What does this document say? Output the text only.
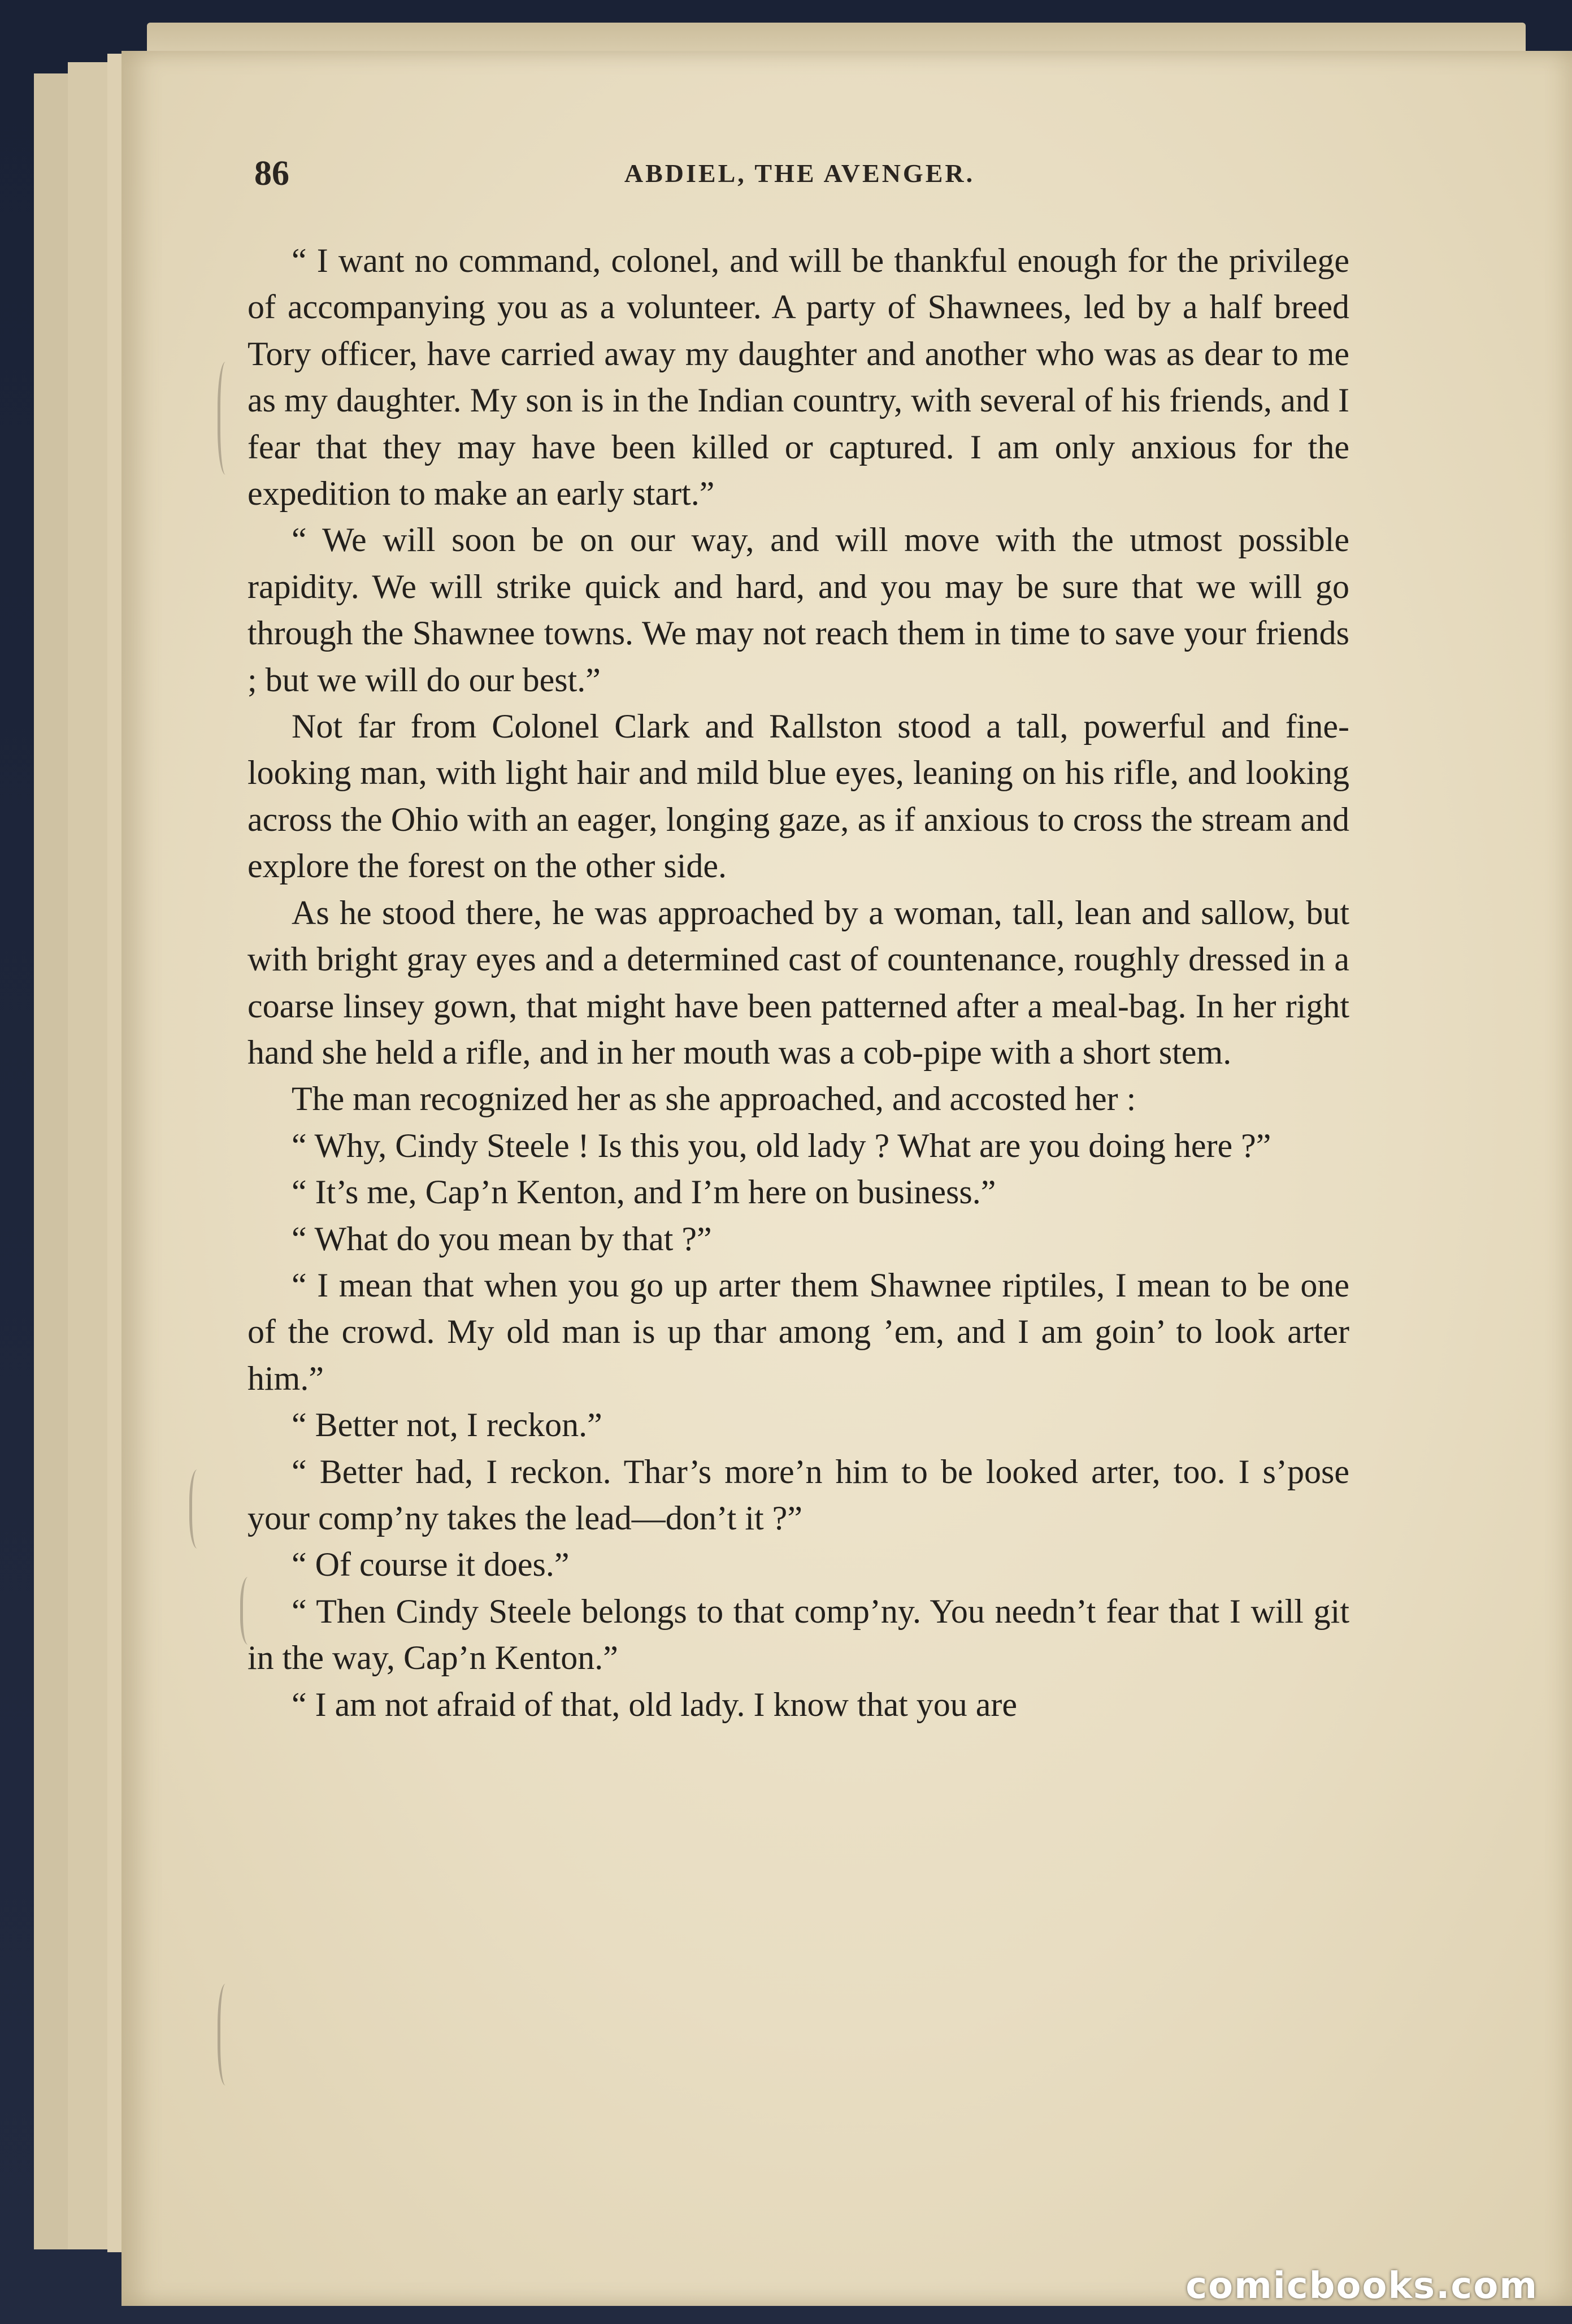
86	ABDIEL, THE AVENGER.

“ I want no command, colonel, and will be thankful enough for the privilege of accompanying you as a volunteer. A party of Shawnees, led by a half breed Tory officer, have carried away my daughter and another who was as dear to me as my daughter. My son is in the Indian country, with several of his friends, and I fear that they may have been killed or captured. I am only anxious for the expedition to make an early start.”

“ We will soon be on our way, and will move with the utmost possible rapidity. We will strike quick and hard, and you may be sure that we will go through the Shawnee towns. We may not reach them in time to save your friends ; but we will do our best.”

Not far from Colonel Clark and Rallston stood a tall, powerful and fine-looking man, with light hair and mild blue eyes, leaning on his rifle, and looking across the Ohio with an eager, longing gaze, as if anxious to cross the stream and explore the forest on the other side.

As he stood there, he was approached by a woman, tall, lean and sallow, but with bright gray eyes and a determined cast of countenance, roughly dressed in a coarse linsey gown, that might have been patterned after a meal-bag. In her right hand she held a rifle, and in her mouth was a cob-pipe with a short stem.

The man recognized her as she approached, and accosted her :

“ Why, Cindy Steele ! Is this you, old lady ? What are you doing here ?”

“ It’s me, Cap’n Kenton, and I’m here on business.”

“ What do you mean by that ?”

“ I mean that when you go up arter them Shawnee riptiles, I mean to be one of the crowd. My old man is up thar among ’em, and I am goin’ to look arter him.”

“ Better not, I reckon.”

“ Better had, I reckon. Thar’s more’n him to be looked arter, too. I s’pose your comp’ny takes the lead—don’t it ?”

“ Of course it does.”

“ Then Cindy Steele belongs to that comp’ny. You needn’t fear that I will git in the way, Cap’n Kenton.”

“ I am not afraid of that, old lady. I know that you are

comicbooks.com
